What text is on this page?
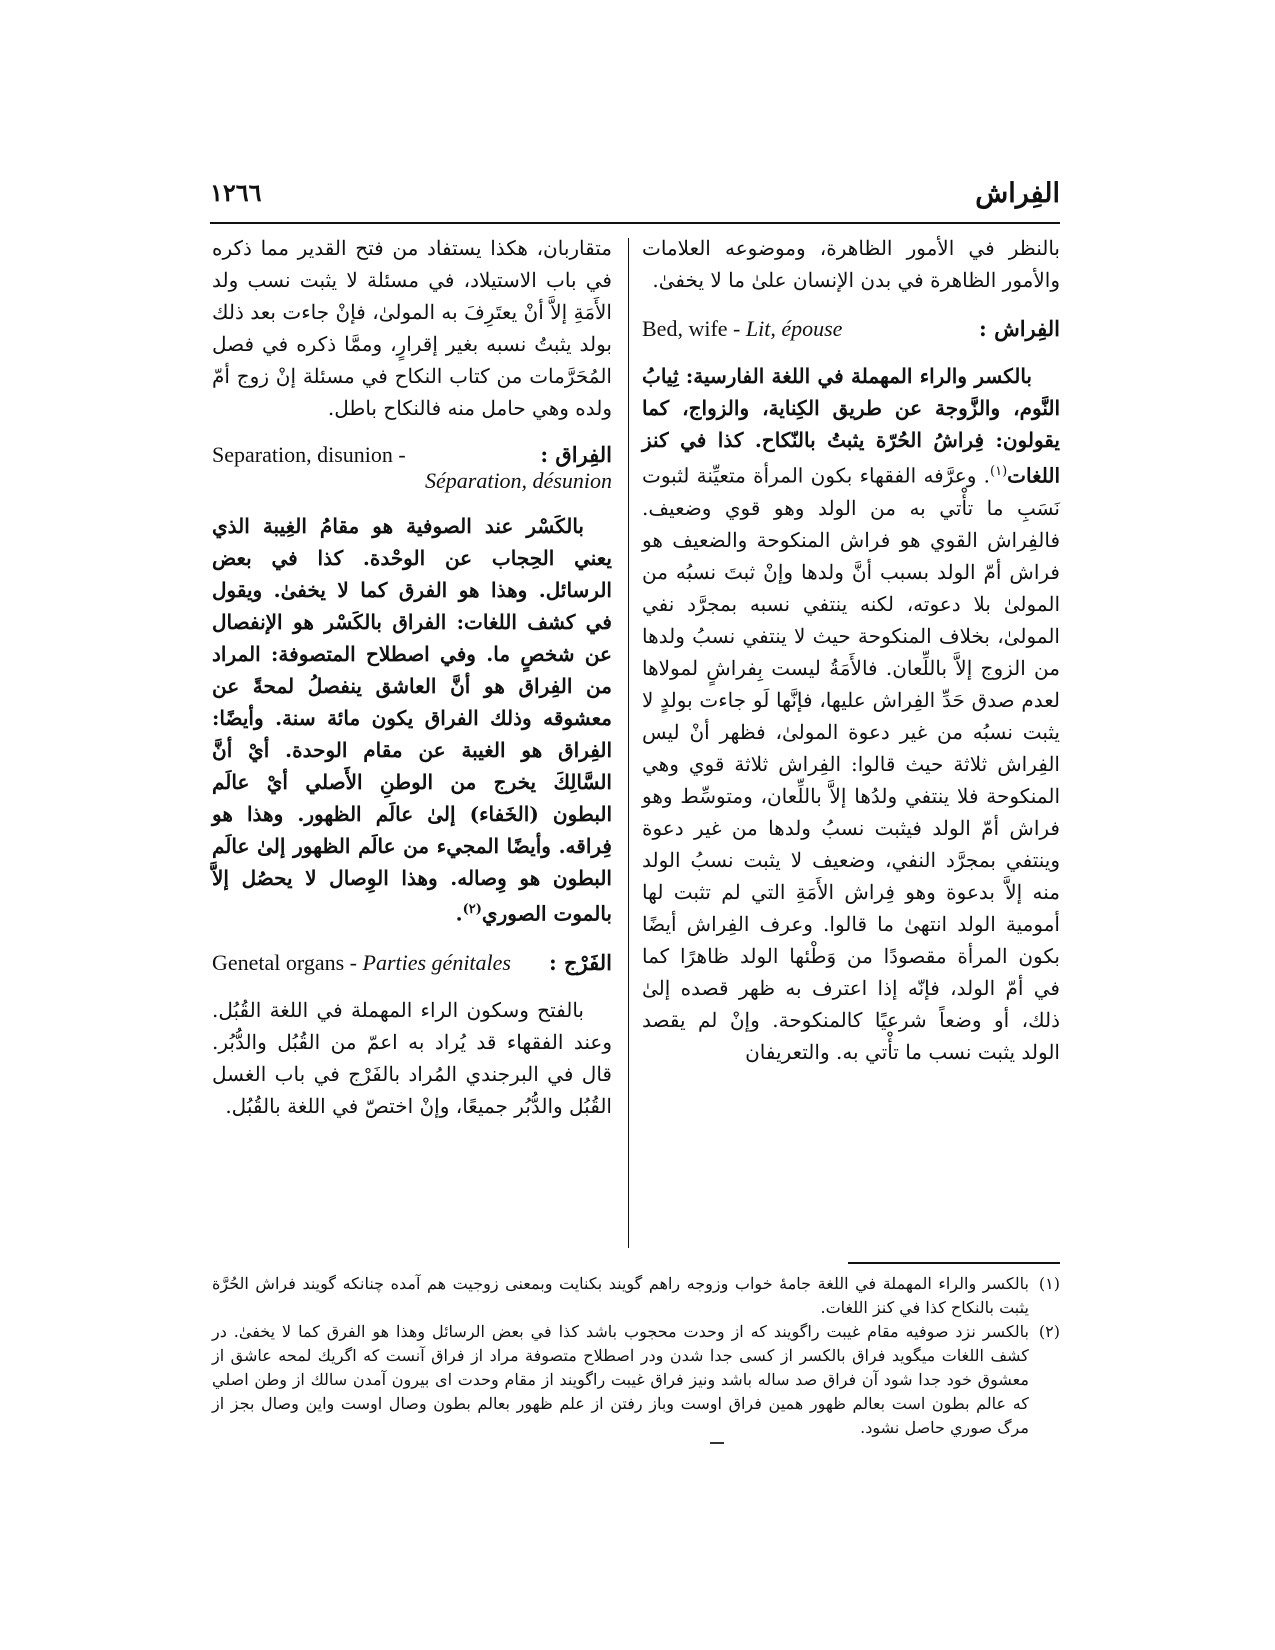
١٢٦٦	الفِراش

بالنظر في الأمور الظاهرة، وموضوعه العلامات والأمور الظاهرة في بدن الإنسان علىٰ ما لا يخفىٰ.

الفِراش :
Bed, wife - Lit, épouse

بالكسر والراء المهملة في اللغة الفارسية: ثِيابُ النَّوم، والزَّوجة عن طريق الكِناية، والزواج، كما يقولون: فِراشُ الحُرّة يثبتُ بالنّكاح. كذا في كنز اللغات$^{(١)}$. وعرَّفه الفقهاء بكون المرأة متعيِّنة لثبوت نَسَبِ ما تأْتي به من الولد وهو قوي وضعيف. فالفِراش القوي هو فراش المنكوحة والضعيف هو فراش أمّ الولد بسبب أنَّ ولدها وإنْ ثبتَ نسبُه من المولىٰ بلا دعوته، لكنه ينتفي نسبه بمجرَّد نفي المولىٰ، بخلاف المنكوحة حيث لا ينتفي نسبُ ولدها من الزوج إلاَّ باللِّعان. فالأَمَةُ ليست بِفراشٍ لمولاها لعدم صدق حَدِّ الفِراش عليها، فإنَّها لَو جاءت بولدٍ لا يثبت نسبُه من غير دعوة المولىٰ، فظهر أنْ ليس الفِراش ثلاثة حيث قالوا: الفِراش ثلاثة قوي وهي المنكوحة فلا ينتفي ولدُها إلاَّ باللِّعان، ومتوسِّط وهو فراش أمّ الولد فيثبت نسبُ ولدها من غير دعوة وينتفي بمجرَّد النفي، وضعيف لا يثبت نسبُ الولد منه إلاَّ بدعوة وهو فِراش الأَمَةِ التي لم تثبت لها أمومية الولد انتهىٰ ما قالوا. وعرف الفِراش أيضًا بكون المرأة مقصودًا من وَطْئها الولد ظاهرًا كما في أمّ الولد، فإنّه إذا اعترف به ظهر قصده إلىٰ ذلك، أو وضعاً شرعيًا كالمنكوحة. وإنْ لم يقصد الولد يثبت نسب ما تأْتي به. والتعريفان

متقاربان، هكذا يستفاد من فتح القدير مما ذكره في باب الاستيلاد، في مسئلة لا يثبت نسب ولد الأَمَةِ إلاَّ أنْ يعتَرِفَ به المولىٰ، فإنْ جاءت بعد ذلك بولد يثبتُ نسبه بغير إقرارٍ، وممَّا ذكره في فصل المُحَرَّمات من كتاب النكاح في مسئلة إنْ زوج أمّ ولده وهي حامل منه فالنكاح باطل.

Separation, disunion -	الفِراق :
Séparation, désunion

بالكَسْر عند الصوفية هو مقامُ الغِيبة الذي يعني الحِجاب عن الوحْدة. كذا في بعض الرسائل. وهذا هو الفرق كما لا يخفىٰ. ويقول في كشف اللغات: الفراق بالكَسْر هو الإنفصال عن شخصٍ ما. وفي اصطلاح المتصوفة: المراد من الفِراق هو أنَّ العاشق ينفصلُ لمحةً عن معشوقه وذلك الفراق يكون مائة سنة. وأيضًا: الفِراق هو الغيبة عن مقام الوحدة. أيْ أنَّ السَّالِكَ يخرج من الوطنِ الأَصلي أيْ عالَم البطون (الخَفاء) إلىٰ عالَم الظهور. وهذا هو فِراقه. وأيضًا المجيء من عالَم الظهور إلىٰ عالَم البطون هو وِصاله. وهذا الوِصال لا يحصُل إلاَّ بالموت الصوري$^{(٢)}$.

الفَرْج :
Genetal organs - Parties génitales

بالفتح وسكون الراء المهملة في اللغة القُبُل. وعند الفقهاء قد يُراد به اعمّ من القُبُل والدُّبُر. قال في البرجندي المُراد بالفَرْج في باب الغسل القُبُل والدُّبُر جميعًا، وإنْ اختصّ في اللغة بالقُبُل.

(١)
بالكسر والراء المهملة في اللغة جامهٔ خواب وزوجه راهم گويند بكنايت وبمعنى زوجيت هم آمده چنانكه گويند فراش الحُرَّة يثبت بالنكاح كذا في كنز اللغات.
(٢)
بالكسر نزد صوفيه مقام غيبت راگويند كه از وحدت محجوب باشد كذا في بعض الرسائل وهذا هو الفرق كما لا يخفىٰ. در كشف اللغات ميگويد فراق بالكسر از كسى جدا شدن ودر اصطلاح متصوفة مراد از فراق آنست كه اگريك لمحه عاشق از معشوق خود جدا شود آن فراق صد ساله باشد ونيز فراق غيبت راگويند از مقام وحدت اى بيرون آمدن سالك از وطن اصلي كه عالم بطون است بعالم ظهور همين فراق اوست وباز رفتن از علم ظهور بعالم بطون وصال اوست واين وصال بجز از مرگ صوري حاصل نشود.
